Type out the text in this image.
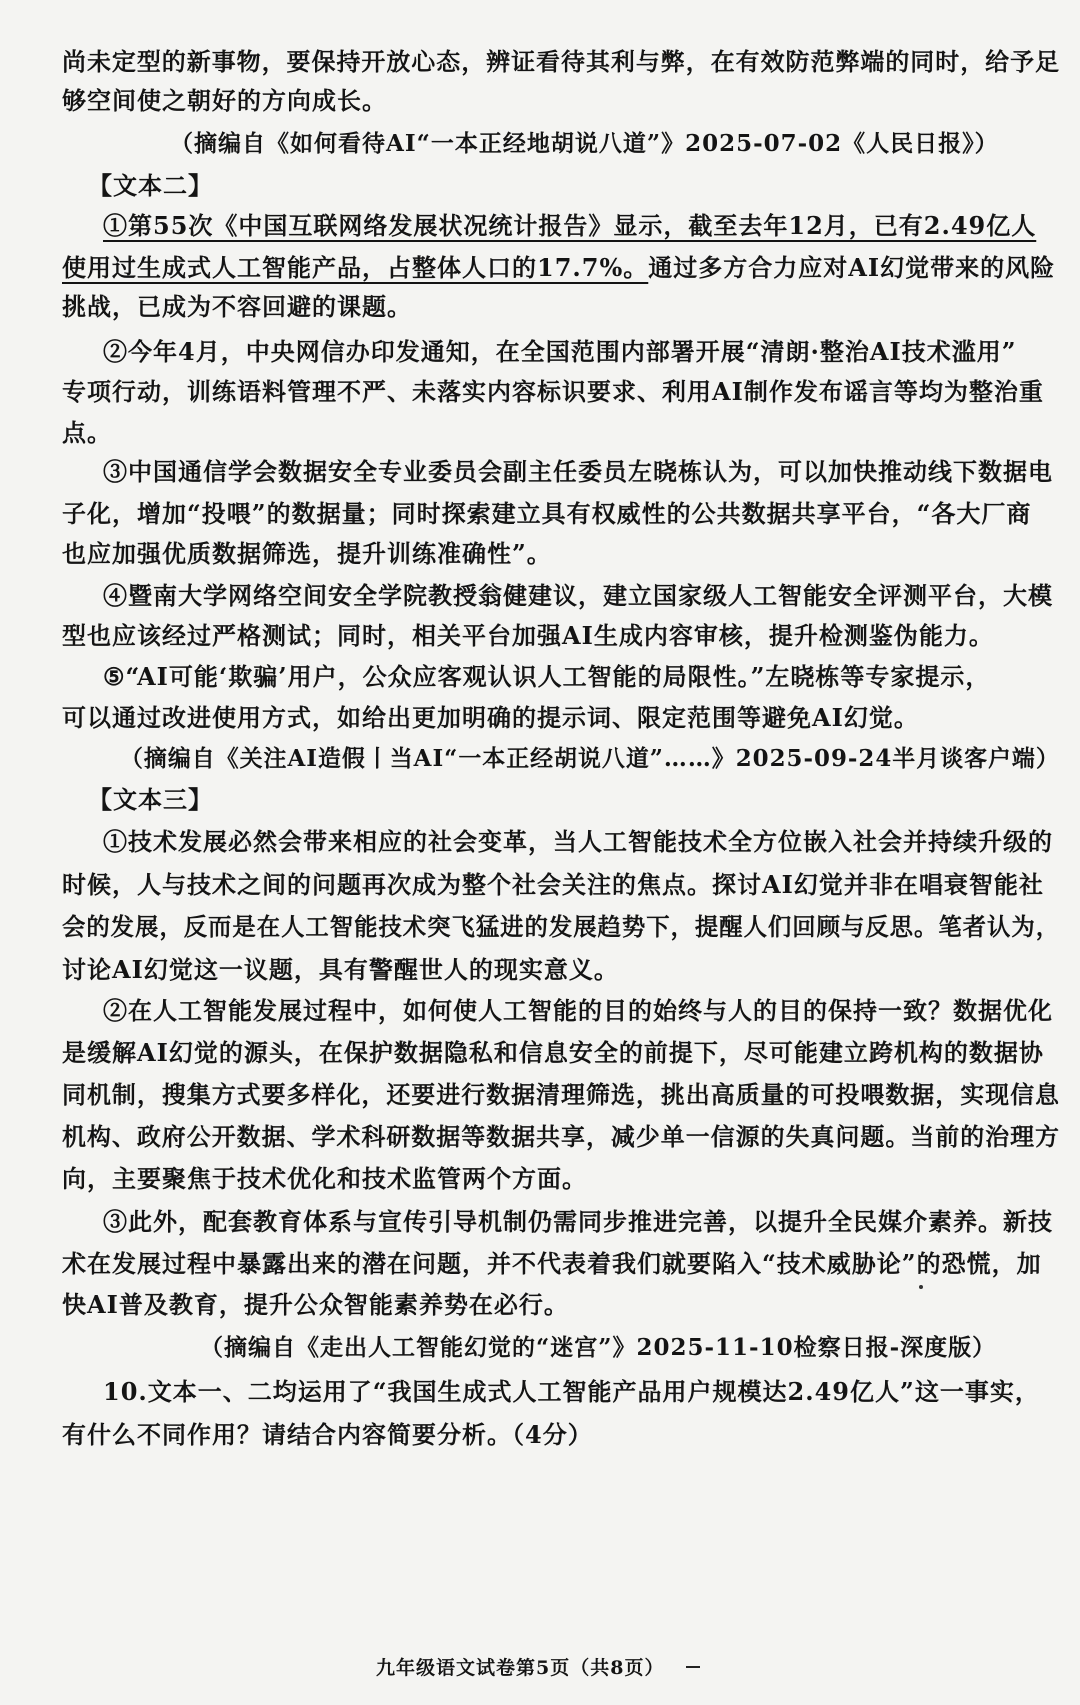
尚未定型的新事物，要保持开放心态，辨证看待其利与弊，在有效防范弊端的同时，给予足
够空间使之朝好的方向成长。
（摘编自《如何看待AI“一本正经地胡说八道”》2025-07-02《人民日报》）
【文本二】
①第55次《中国互联网络发展状况统计报告》显示，截至去年12月，已有2.49亿人
使用过生成式人工智能产品，占整体人口的17.7%。通过多方合力应对AI幻觉带来的风险
挑战，已成为不容回避的课题。
②今年4月，中央网信办印发通知，在全国范围内部署开展“清朗·整治AI技术滥用”
专项行动，训练语料管理不严、未落实内容标识要求、利用AI制作发布谣言等均为整治重
点。
③中国通信学会数据安全专业委员会副主任委员左晓栋认为，可以加快推动线下数据电
子化，增加“投喂”的数据量；同时探索建立具有权威性的公共数据共享平台，“各大厂商
也应加强优质数据筛选，提升训练准确性”。
④暨南大学网络空间安全学院教授翁健建议，建立国家级人工智能安全评测平台，大模
型也应该经过严格测试；同时，相关平台加强AI生成内容审核，提升检测鉴伪能力。
⑤“AI可能‘欺骗’用户，公众应客观认识人工智能的局限性。”左晓栋等专家提示，
可以通过改进使用方式，如给出更加明确的提示词、限定范围等避免AI幻觉。
（摘编自《关注AI造假丨当AI“一本正经胡说八道”……》2025-09-24半月谈客户端）
【文本三】
①技术发展必然会带来相应的社会变革，当人工智能技术全方位嵌入社会并持续升级的
时候，人与技术之间的问题再次成为整个社会关注的焦点。探讨AI幻觉并非在唱衰智能社
会的发展，反而是在人工智能技术突飞猛进的发展趋势下，提醒人们回顾与反思。笔者认为，
讨论AI幻觉这一议题，具有警醒世人的现实意义。
②在人工智能发展过程中，如何使人工智能的目的始终与人的目的保持一致？数据优化
是缓解AI幻觉的源头，在保护数据隐私和信息安全的前提下，尽可能建立跨机构的数据协
同机制，搜集方式要多样化，还要进行数据清理筛选，挑出高质量的可投喂数据，实现信息
机构、政府公开数据、学术科研数据等数据共享，减少单一信源的失真问题。当前的治理方
向，主要聚焦于技术优化和技术监管两个方面。
③此外，配套教育体系与宣传引导机制仍需同步推进完善，以提升全民媒介素养。新技
术在发展过程中暴露出来的潜在问题，并不代表着我们就要陷入“技术威胁论”的恐慌，加
快AI普及教育，提升公众智能素养势在必行。
（摘编自《走出人工智能幻觉的“迷宫”》2025-11-10检察日报-深度版）
10.文本一、二均运用了“我国生成式人工智能产品用户规模达2.49亿人”这一事实，
有什么不同作用？请结合内容简要分析。（4分）
九年级语文试卷第5页（共8页）
